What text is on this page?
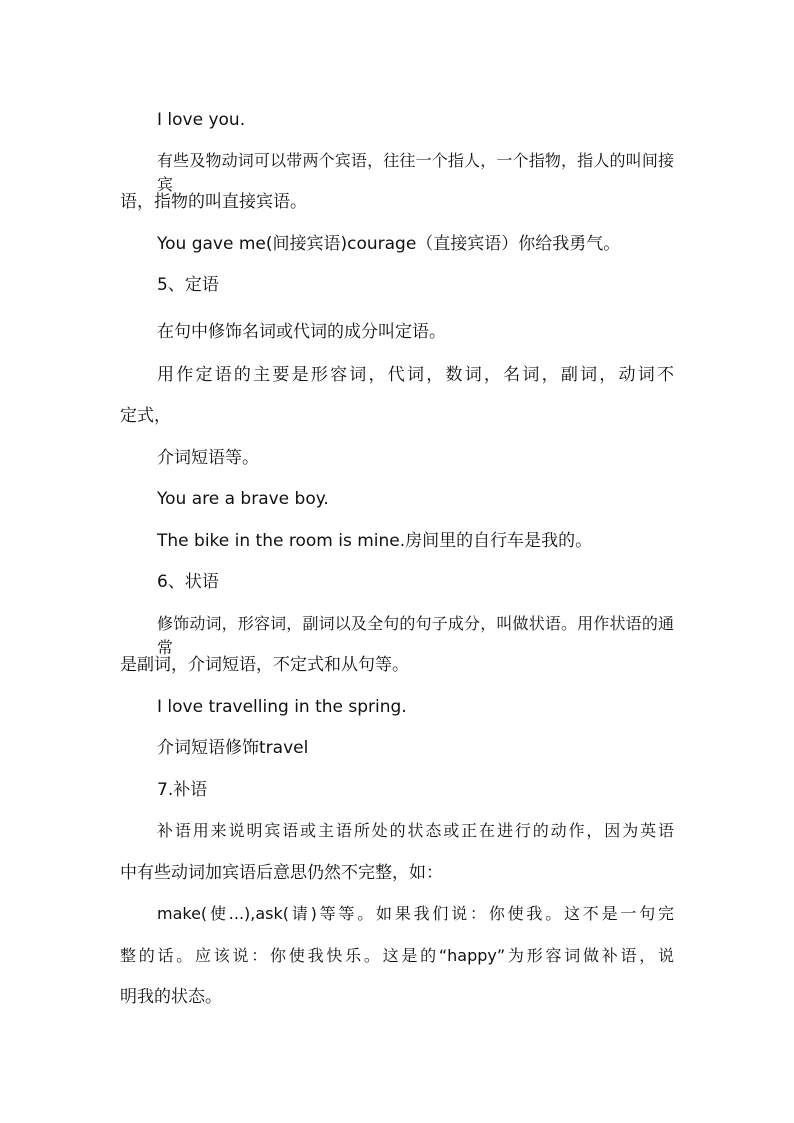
I love you.

有些及物动词可以带两个宾语，往往一个指人，一个指物，指人的叫间接宾

语，指物的叫直接宾语。

You gave me(间接宾语)courage（直接宾语）你给我勇气。

5、定语

在句中修饰名词或代词的成分叫定语。

用作定语的主要是形容词，代词，数词，名词，副词，动词不

定式，

介词短语等。

You are a brave boy.

The bike in the room is mine.房间里的自行车是我的。

6、状语

修饰动词，形容词，副词以及全句的句子成分，叫做状语。用作状语的通常

是副词，介词短语，不定式和从句等。

I love travelling in the spring.

介词短语修饰travel

7.补语

补语用来说明宾语或主语所处的状态或正在进行的动作，因为英语

中有些动词加宾语后意思仍然不完整，如：

make(使...),ask(请)等等。如果我们说：你使我。这不是一句完

整的话。应该说：你使我快乐。这是的“happy”为形容词做补语，说

明我的状态。
